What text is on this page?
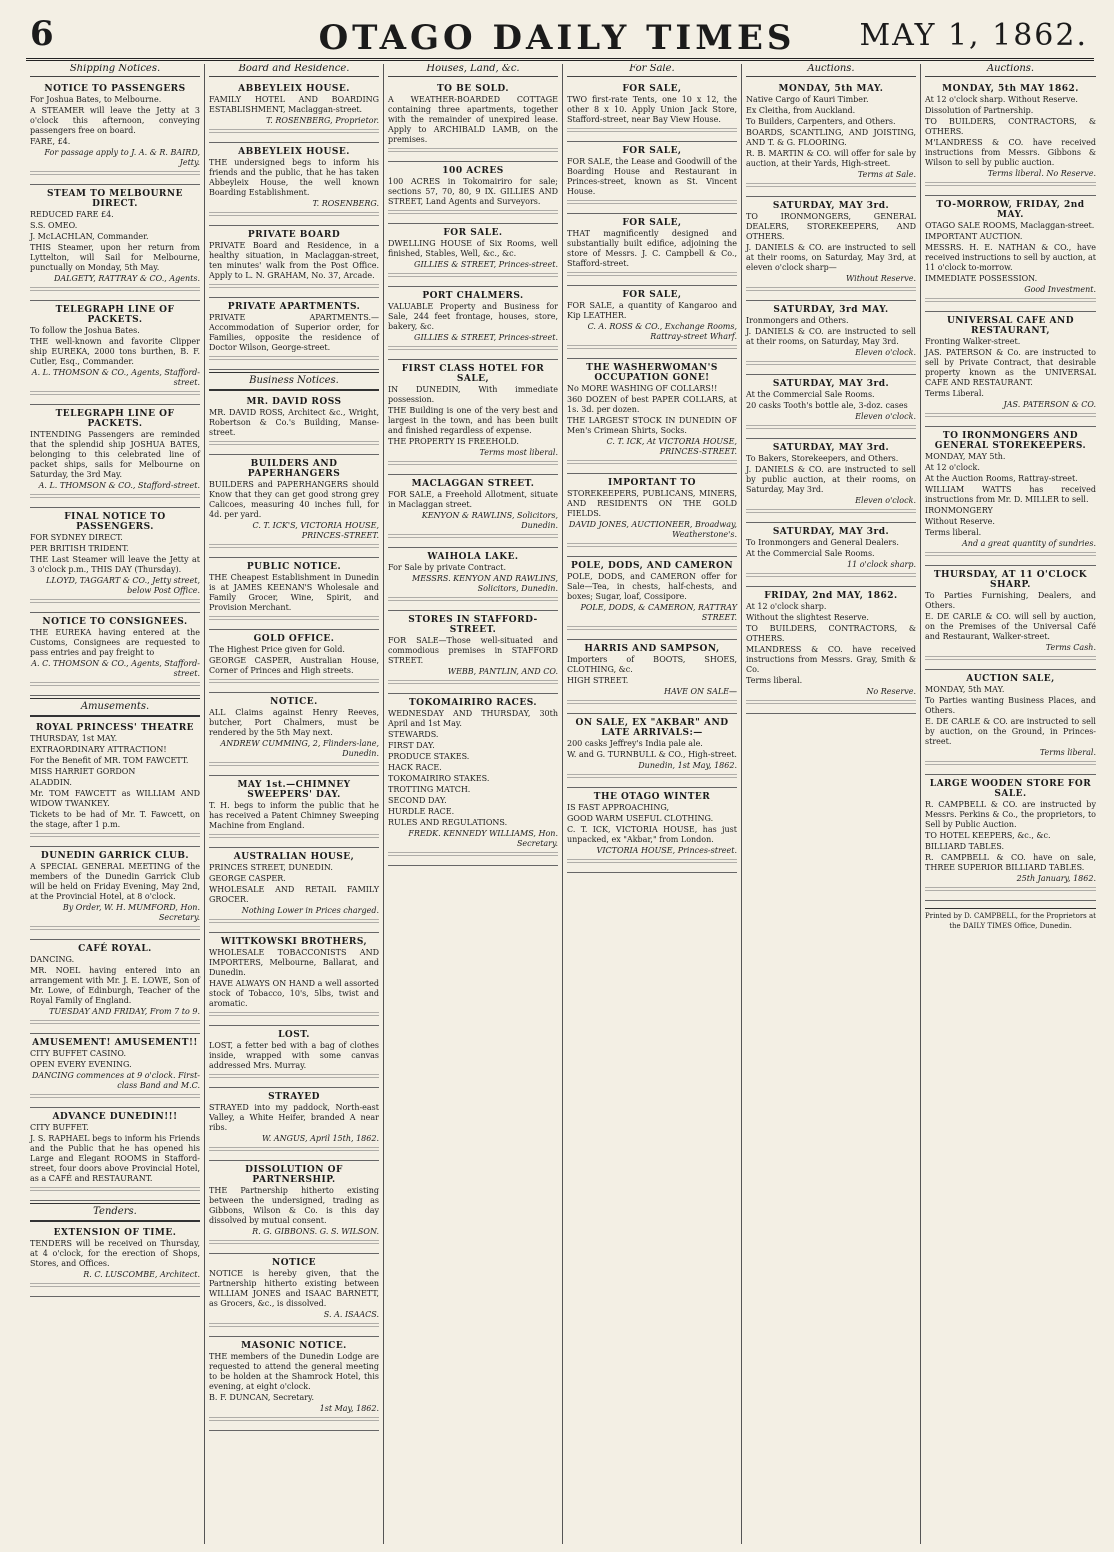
6	OTAGO DAILY TIMES	MAY 1, 1862.
Shipping Notices.
NOTICE TO PASSENGERS

For Joshua Bates, to Melbourne.

A STEAMER will leave the Jetty at 3 o'clock this afternoon, conveying passengers free on board.

FARE, £4.

For passage apply to J. A. & R. BAIRD, Jetty.

STEAM TO MELBOURNE DIRECT.

REDUCED FARE £4.

S.S. OMEO.

J. McLACHLAN, Commander.

THIS Steamer, upon her return from Lyttelton, will Sail for Melbourne, punctually on Monday, 5th May.

DALGETY, RATTRAY & CO., Agents.

TELEGRAPH LINE OF PACKETS.

To follow the Joshua Bates.

THE well-known and favorite Clipper ship EUREKA, 2000 tons burthen, B. F. Cutler, Esq., Commander.

A. L. THOMSON & CO., Agents, Stafford-street.

TELEGRAPH LINE OF PACKETS.

INTENDING Passengers are reminded that the splendid ship JOSHUA BATES, belonging to this celebrated line of packet ships, sails for Melbourne on Saturday, the 3rd May.

A. L. THOMSON & CO., Stafford-street.

FINAL NOTICE TO PASSENGERS.

FOR SYDNEY DIRECT.

PER BRITISH TRIDENT.

THE Last Steamer will leave the Jetty at 3 o'clock p.m., THIS DAY (Thursday).

LLOYD, TAGGART & CO., Jetty street, below Post Office.

NOTICE TO CONSIGNEES.

THE EUREKA having entered at the Customs, Consignees are requested to pass entries and pay freight to

A. C. THOMSON & CO., Agents, Stafford-street.

Amusements.
ROYAL PRINCESS' THEATRE

THURSDAY, 1st MAY.

EXTRAORDINARY ATTRACTION!

For the Benefit of MR. TOM FAWCETT.

MISS HARRIET GORDON

ALADDIN.

Mr. TOM FAWCETT as WILLIAM AND WIDOW TWANKEY.

Tickets to be had of Mr. T. Fawcett, on the stage, after 1 p.m.

DUNEDIN GARRICK CLUB.

A SPECIAL GENERAL MEETING of the members of the Dunedin Garrick Club will be held on Friday Evening, May 2nd, at the Provincial Hotel, at 8 o'clock.

By Order, W. H. MUMFORD, Hon. Secretary.

CAFÉ ROYAL.

DANCING.

MR. NOEL having entered into an arrangement with Mr. J. E. LOWE, Son of Mr. Lowe, of Edinburgh, Teacher of the Royal Family of England.

TUESDAY AND FRIDAY, From 7 to 9.

AMUSEMENT! AMUSEMENT!!

CITY BUFFET CASINO.

OPEN EVERY EVENING.

DANCING commences at 9 o'clock. First-class Band and M.C.

ADVANCE DUNEDIN!!!

CITY BUFFET.

J. S. RAPHAEL begs to inform his Friends and the Public that he has opened his Large and Elegant ROOMS in Stafford-street, four doors above Provincial Hotel, as a CAFÉ and RESTAURANT.

Tenders.
EXTENSION OF TIME.

TENDERS will be received on Thursday, at 4 o'clock, for the erection of Shops, Stores, and Offices.

R. C. LUSCOMBE, Architect.

Board and Residence.
ABBEYLEIX HOUSE.

FAMILY HOTEL AND BOARDING ESTABLISHMENT, Maclaggan-street.

T. ROSENBERG, Proprietor.

ABBEYLEIX HOUSE.

THE undersigned begs to inform his friends and the public, that he has taken Abbeyleix House, the well known Boarding Establishment.

T. ROSENBERG.

PRIVATE BOARD

PRIVATE Board and Residence, in a healthy situation, in Maclaggan-street, ten minutes' walk from the Post Office. Apply to L. N. GRAHAM, No. 37, Arcade.

PRIVATE APARTMENTS.

PRIVATE APARTMENTS.—Accommodation of Superior order, for Families, opposite the residence of Doctor Wilson, George-street.

Business Notices.
MR. DAVID ROSS

MR. DAVID ROSS, Architect &c., Wright, Robertson & Co.'s Building, Manse-street.

BUILDERS AND PAPERHANGERS

BUILDERS and PAPERHANGERS should Know that they can get good strong grey Calicoes, measuring 40 inches full, for 4d. per yard.

C. T. ICK'S, VICTORIA HOUSE, PRINCES-STREET.

PUBLIC NOTICE.

THE Cheapest Establishment in Dunedin is at JAMES KEENAN'S Wholesale and Family Grocer, Wine, Spirit, and Provision Merchant.

GOLD OFFICE.

The Highest Price given for Gold.

GEORGE CASPER, Australian House, Corner of Princes and High streets.

NOTICE.

ALL Claims against Henry Reeves, butcher, Port Chalmers, must be rendered by the 5th May next.

ANDREW CUMMING, 2, Flinders-lane, Dunedin.

MAY 1st.—CHIMNEY SWEEPERS' DAY.

T. H. begs to inform the public that he has received a Patent Chimney Sweeping Machine from England.

AUSTRALIAN HOUSE,

PRINCES STREET, DUNEDIN.

GEORGE CASPER.

WHOLESALE AND RETAIL FAMILY GROCER.

Nothing Lower in Prices charged.

WITTKOWSKI BROTHERS,

WHOLESALE TOBACCONISTS AND IMPORTERS, Melbourne, Ballarat, and Dunedin.

HAVE ALWAYS ON HAND a well assorted stock of Tobacco, 10's, 5lbs, twist and aromatic.

LOST.

LOST, a fetter bed with a bag of clothes inside, wrapped with some canvas addressed Mrs. Murray.

STRAYED

STRAYED into my paddock, North-east Valley, a White Heifer, branded A near ribs.

W. ANGUS, April 15th, 1862.

DISSOLUTION OF PARTNERSHIP.

THE Partnership hitherto existing between the undersigned, trading as Gibbons, Wilson & Co. is this day dissolved by mutual consent.

R. G. GIBBONS. G. S. WILSON.

NOTICE

NOTICE is hereby given, that the Partnership hitherto existing between WILLIAM JONES and ISAAC BARNETT, as Grocers, &c., is dissolved.

S. A. ISAACS.

MASONIC NOTICE.

THE members of the Dunedin Lodge are requested to attend the general meeting to be holden at the Shamrock Hotel, this evening, at eight o'clock.

B. F. DUNCAN, Secretary.

1st May, 1862.

Houses, Land, &c.
TO BE SOLD.

A WEATHER-BOARDED COTTAGE containing three apartments, together with the remainder of unexpired lease. Apply to ARCHIBALD LAMB, on the premises.

100 ACRES

100 ACRES in Tokomairiro for sale; sections 57, 70, 80, 9 IX. GILLIES AND STREET, Land Agents and Surveyors.

FOR SALE.

DWELLING HOUSE of Six Rooms, well finished, Stables, Well, &c., &c.

GILLIES & STREET, Princes-street.

PORT CHALMERS.

VALUABLE Property and Business for Sale, 244 feet frontage, houses, store, bakery, &c.

GILLIES & STREET, Princes-street.

FIRST CLASS HOTEL FOR SALE,

IN DUNEDIN, With immediate possession.

THE Building is one of the very best and largest in the town, and has been built and finished regardless of expense.

THE PROPERTY IS FREEHOLD.

Terms most liberal.

MACLAGGAN STREET.

FOR SALE, a Freehold Allotment, situate in Maclaggan street.

KENYON & RAWLINS, Solicitors, Dunedin.

WAIHOLA LAKE.

For Sale by private Contract.

MESSRS. KENYON AND RAWLINS, Solicitors, Dunedin.

STORES IN STAFFORD-STREET.

FOR SALE—Those well-situated and commodious premises in STAFFORD STREET.

WEBB, PANTLIN, AND CO.

TOKOMAIRIRO RACES.

WEDNESDAY AND THURSDAY, 30th April and 1st May.

STEWARDS.

FIRST DAY.

PRODUCE STAKES.

HACK RACE.

TOKOMAIRIRO STAKES.

TROTTING MATCH.

SECOND DAY.

HURDLE RACE.

RULES AND REGULATIONS.

FREDK. KENNEDY WILLIAMS, Hon. Secretary.

For Sale.
FOR SALE,

TWO first-rate Tents, one 10 x 12, the other 8 x 10. Apply Union Jack Store, Stafford-street, near Bay View House.

FOR SALE,

FOR SALE, the Lease and Goodwill of the Boarding House and Restaurant in Princes-street, known as St. Vincent House.

FOR SALE,

THAT magnificently designed and substantially built edifice, adjoining the store of Messrs. J. C. Campbell & Co., Stafford-street.

FOR SALE,

FOR SALE, a quantity of Kangaroo and Kip LEATHER.

C. A. ROSS & CO., Exchange Rooms, Rattray-street Wharf.

THE WASHERWOMAN'S OCCUPATION GONE!

No MORE WASHING OF COLLARS!!

360 DOZEN of best PAPER COLLARS, at 1s. 3d. per dozen.

THE LARGEST STOCK IN DUNEDIN OF Men's Crimean Shirts, Socks.

C. T. ICK, At VICTORIA HOUSE, PRINCES-STREET.

IMPORTANT TO

STOREKEEPERS, PUBLICANS, MINERS, AND RESIDENTS ON THE GOLD FIELDS.

DAVID JONES, AUCTIONEER, Broadway, Weatherstone's.

POLE, DODS, AND CAMERON

POLE, DODS, and CAMERON offer for Sale—Tea, in chests, half-chests, and boxes; Sugar, loaf, Cossipore.

POLE, DODS, & CAMERON, RATTRAY STREET.

HARRIS AND SAMPSON,

Importers of BOOTS, SHOES, CLOTHING, &c.

HIGH STREET.

HAVE ON SALE—

ON SALE, EX "AKBAR" AND LATE ARRIVALS:—

200 casks Jeffrey's India pale ale.

W. and G. TURNBULL & CO., High-street.

Dunedin, 1st May, 1862.

THE OTAGO WINTER

IS FAST APPROACHING,

GOOD WARM USEFUL CLOTHING.

C. T. ICK, VICTORIA HOUSE, has just unpacked, ex "Akbar," from London.

VICTORIA HOUSE, Princes-street.

Auctions.
MONDAY, 5th MAY.

Native Cargo of Kauri Timber.

Ex Cleitha, from Auckland.

To Builders, Carpenters, and Others.

BOARDS, SCANTLING, AND JOISTING, AND T. & G. FLOORING.

R. B. MARTIN & CO. will offer for sale by auction, at their Yards, High-street.

Terms at Sale.

SATURDAY, MAY 3rd.

TO IRONMONGERS, GENERAL DEALERS, STOREKEEPERS, AND OTHERS.

J. DANIELS & CO. are instructed to sell at their rooms, on Saturday, May 3rd, at eleven o'clock sharp—

Without Reserve.

SATURDAY, 3rd MAY.

Ironmongers and Others.

J. DANIELS & CO. are instructed to sell at their rooms, on Saturday, May 3rd.

Eleven o'clock.

SATURDAY, MAY 3rd.

At the Commercial Sale Rooms.

20 casks Tooth's bottle ale, 3-doz. cases

Eleven o'clock.

SATURDAY, MAY 3rd.

To Bakers, Storekeepers, and Others.

J. DANIELS & CO. are instructed to sell by public auction, at their rooms, on Saturday, May 3rd.

Eleven o'clock.

SATURDAY, MAY 3rd.

To Ironmongers and General Dealers.

At the Commercial Sale Rooms.

11 o'clock sharp.

FRIDAY, 2nd MAY, 1862.

At 12 o'clock sharp.

Without the slightest Reserve.

TO BUILDERS, CONTRACTORS, & OTHERS.

MLANDRESS & CO. have received instructions from Messrs. Gray, Smith & Co.

Terms liberal.

No Reserve.

Auctions.
MONDAY, 5th MAY 1862.

At 12 o'clock sharp. Without Reserve.

Dissolution of Partnership.

TO BUILDERS, CONTRACTORS, & OTHERS.

M'LANDRESS & CO. have received instructions from Messrs. Gibbons & Wilson to sell by public auction.

Terms liberal. No Reserve.

TO-MORROW, FRIDAY, 2nd MAY.

OTAGO SALE ROOMS, Maclaggan-street.

IMPORTANT AUCTION.

MESSRS. H. E. NATHAN & CO., have received instructions to sell by auction, at 11 o'clock to-morrow.

IMMEDIATE POSSESSION.

Good Investment.

UNIVERSAL CAFE AND RESTAURANT,

Fronting Walker-street.

JAS. PATERSON & Co. are instructed to sell by Private Contract, that desirable property known as the UNIVERSAL CAFE AND RESTAURANT.

Terms Liberal.

JAS. PATERSON & CO.

TO IRONMONGERS AND GENERAL STOREKEEPERS.

MONDAY, MAY 5th.

At 12 o'clock.

At the Auction Rooms, Rattray-street.

WILLIAM WATTS has received instructions from Mr. D. MILLER to sell.

IRONMONGERY

Without Reserve.

Terms liberal.

And a great quantity of sundries.

THURSDAY, AT 11 O'CLOCK SHARP.

To Parties Furnishing, Dealers, and Others.

E. DE CARLE & CO. will sell by auction, on the Premises of the Universal Café and Restaurant, Walker-street.

Terms Cash.

AUCTION SALE,

MONDAY, 5th MAY.

To Parties wanting Business Places, and Others.

E. DE CARLE & CO. are instructed to sell by auction, on the Ground, in Princes-street.

Terms liberal.

LARGE WOODEN STORE FOR SALE.

R. CAMPBELL & CO. are instructed by Messrs. Perkins & Co., the proprietors, to Sell by Public Auction.

TO HOTEL KEEPERS, &c., &c.

BILLIARD TABLES.

R. CAMPBELL & CO. have on sale, THREE SUPERIOR BILLIARD TABLES.

25th January, 1862.

Printed by D. CAMPBELL, for the Proprietors at the DAILY TIMES Office, Dunedin.
